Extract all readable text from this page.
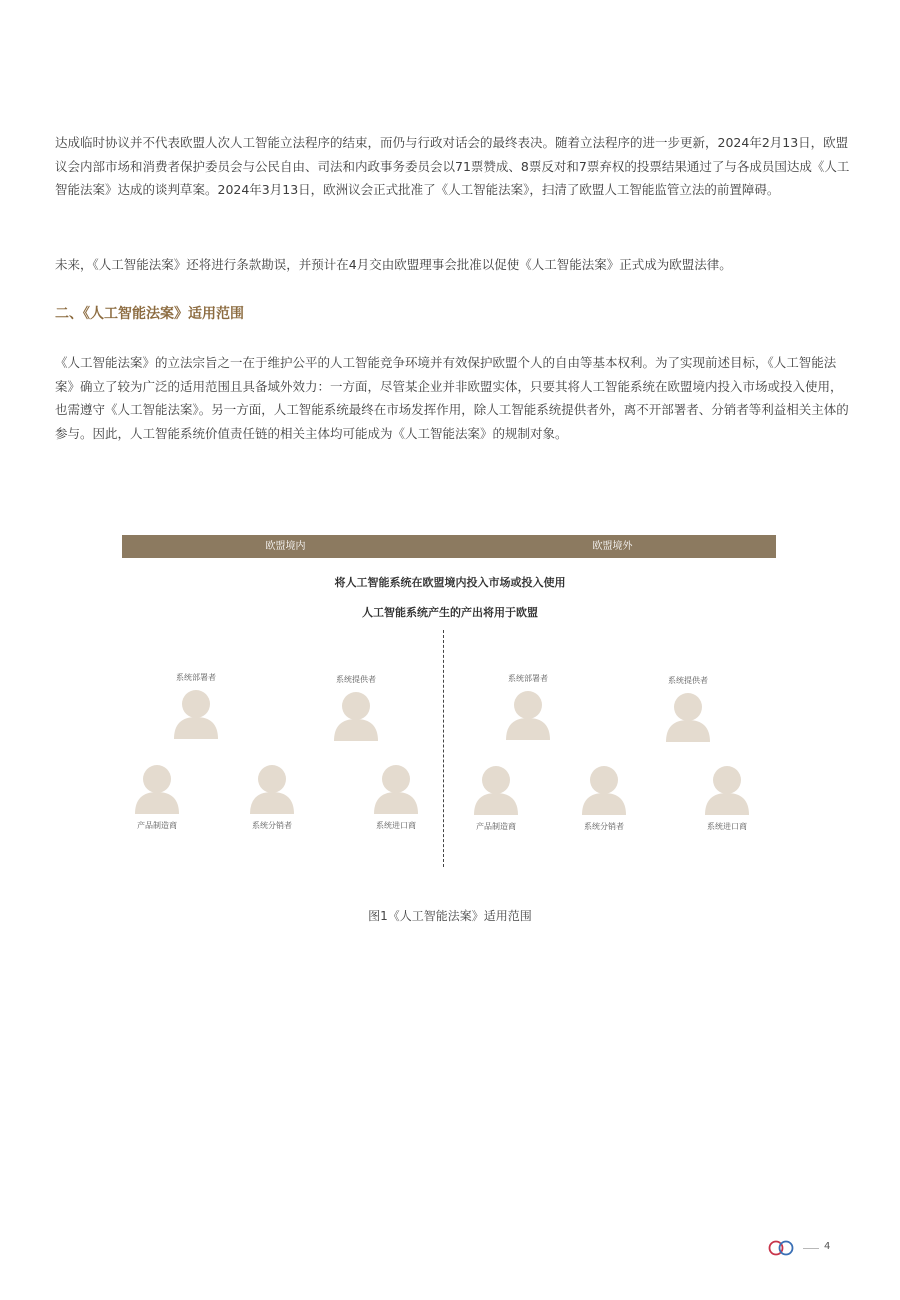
达成临时协议并不代表欧盟人次人工智能立法程序的结束，而仍与行政对话会的最终表决。随着立法程序的进一步更新，2024年2月13日，欧盟议会内部市场和消费者保护委员会与公民自由、司法和内政事务委员会以71票赞成、8票反对和7票弃权的投票结果通过了与各成员国达成《人工智能法案》达成的谈判草案。2024年3月13日，欧洲议会正式批准了《人工智能法案》，扫清了欧盟人工智能监管立法的前置障碍。

未来，《人工智能法案》还将进行条款勘误，并预计在4月交由欧盟理事会批准以促使《人工智能法案》正式成为欧盟法律。

二、《人工智能法案》适用范围

《人工智能法案》的立法宗旨之一在于维护公平的人工智能竞争环境并有效保护欧盟个人的自由等基本权利。为了实现前述目标，《人工智能法案》确立了较为广泛的适用范围且具备域外效力：一方面，尽管某企业并非欧盟实体，只要其将人工智能系统在欧盟境内投入市场或投入使用，也需遵守《人工智能法案》。另一方面，人工智能系统最终在市场发挥作用，除人工智能系统提供者外，离不开部署者、分销者等利益相关主体的参与。因此，人工智能系统价值责任链的相关主体均可能成为《人工智能法案》的规制对象。

欧盟境内	欧盟境外

将人工智能系统在欧盟境内投入市场或投入使用

人工智能系统产生的产出将用于欧盟

系统部署者	系统提供者
产品制造商	系统分销者	系统进口商
系统部署者	系统提供者
产品制造商	系统分销者	系统进口商

图1《人工智能法案》适用范围

4
